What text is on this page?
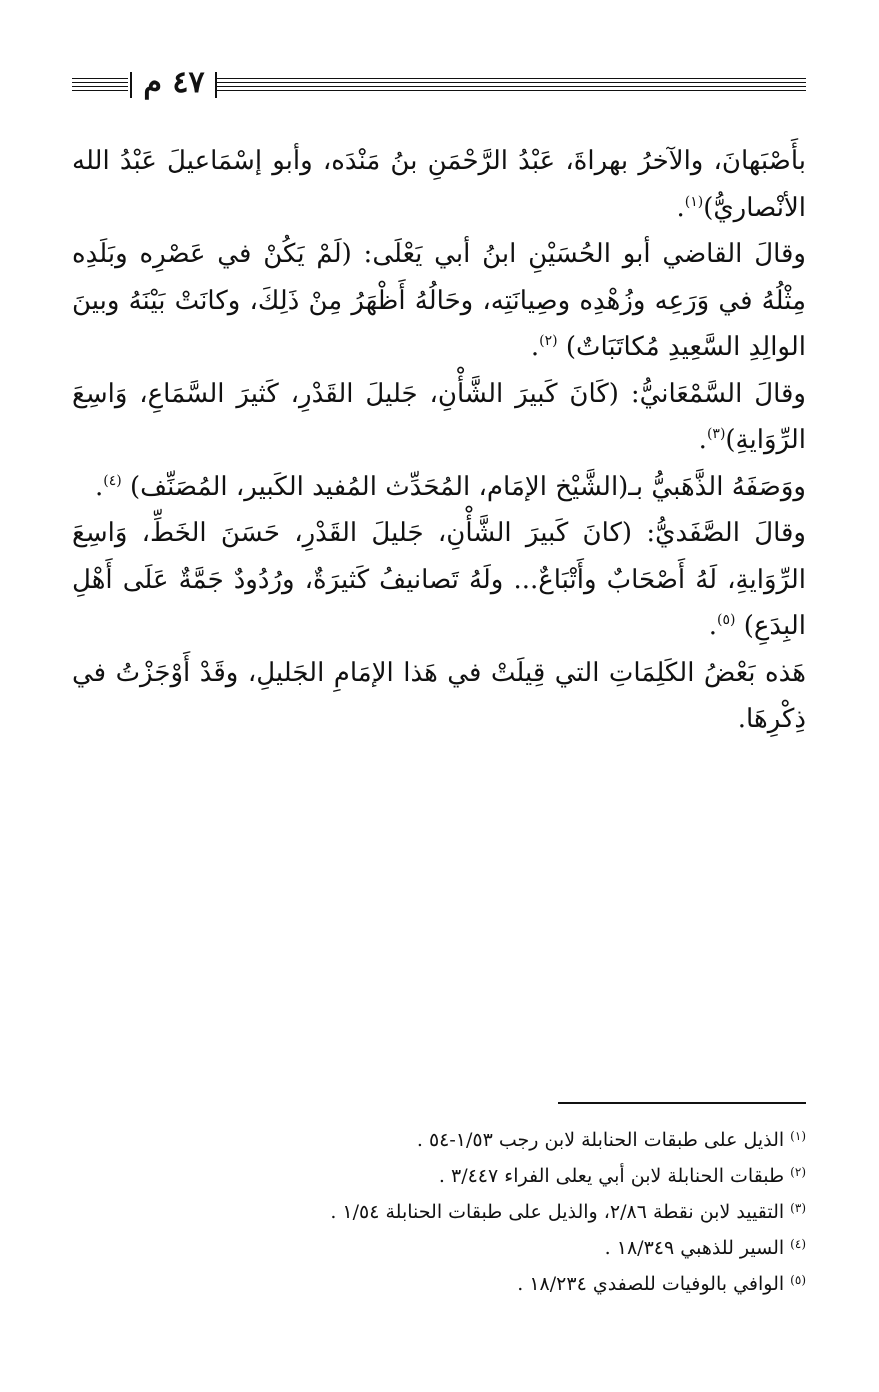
٤٧ م

بأَصْبَهانَ، والآخرُ بهراةَ، عَبْدُ الرَّحْمَنِ بنُ مَنْدَه، وأبو إسْمَاعيلَ عَبْدُ الله الأنْصاريُّ)$^{(١)}$.

وقالَ القاضي أبو الحُسَيْنِ ابنُ أبي يَعْلَى: (لَمْ يَكُنْ في عَصْرِه وبَلَدِه مِثْلُهُ في وَرَعِه وزُهْدِه وصِيانَتِه، وحَالُهُ أَظْهَرُ مِنْ ذَلِكَ، وكانَتْ بَيْنَهُ وبينَ الوالِدِ السَّعِيدِ مُكاتَبَاتٌ) $^{(٢)}$.

وقالَ السَّمْعَانيُّ: (كَانَ كَبيرَ الشَّأْنِ، جَليلَ القَدْرِ، كَثيرَ السَّمَاعِ، وَاسِعَ الرِّوَايةِ)$^{(٣)}$.

ووَصَفَهُ الذَّهَبيُّ بـ(الشَّيْخ الإمَام، المُحَدِّث المُفيد الكَبير، المُصَنِّف) $^{(٤)}$.

وقالَ الصَّفَديُّ: (كانَ كَبيرَ الشَّأْنِ، جَليلَ القَدْرِ، حَسَنَ الخَطِّ، وَاسِعَ الرِّوَايةِ، لَهُ أَصْحَابٌ وأَتْبَاعٌ... ولَهُ تَصانيفُ كَثيرَةٌ، ورُدُودٌ جَمَّةٌ عَلَى أَهْلِ البِدَعِ) $^{(٥)}$.

هَذه بَعْضُ الكَلِمَاتِ التي قِيلَتْ في هَذا الإمَامِ الجَليلِ، وقَدْ أَوْجَزْتُ في ذِكْرِهَا.

$^{(١)}$الذيل على طبقات الحنابلة لابن رجب ١/٥٣-٥٤ .
$^{(٢)}$طبقات الحنابلة لابن أبي يعلى الفراء ٣/٤٤٧ .
$^{(٣)}$التقييد لابن نقطة ٢/٨٦، والذيل على طبقات الحنابلة ١/٥٤ .
$^{(٤)}$السير للذهبي ١٨/٣٤٩ .
$^{(٥)}$الوافي بالوفيات للصفدي ١٨/٢٣٤ .
